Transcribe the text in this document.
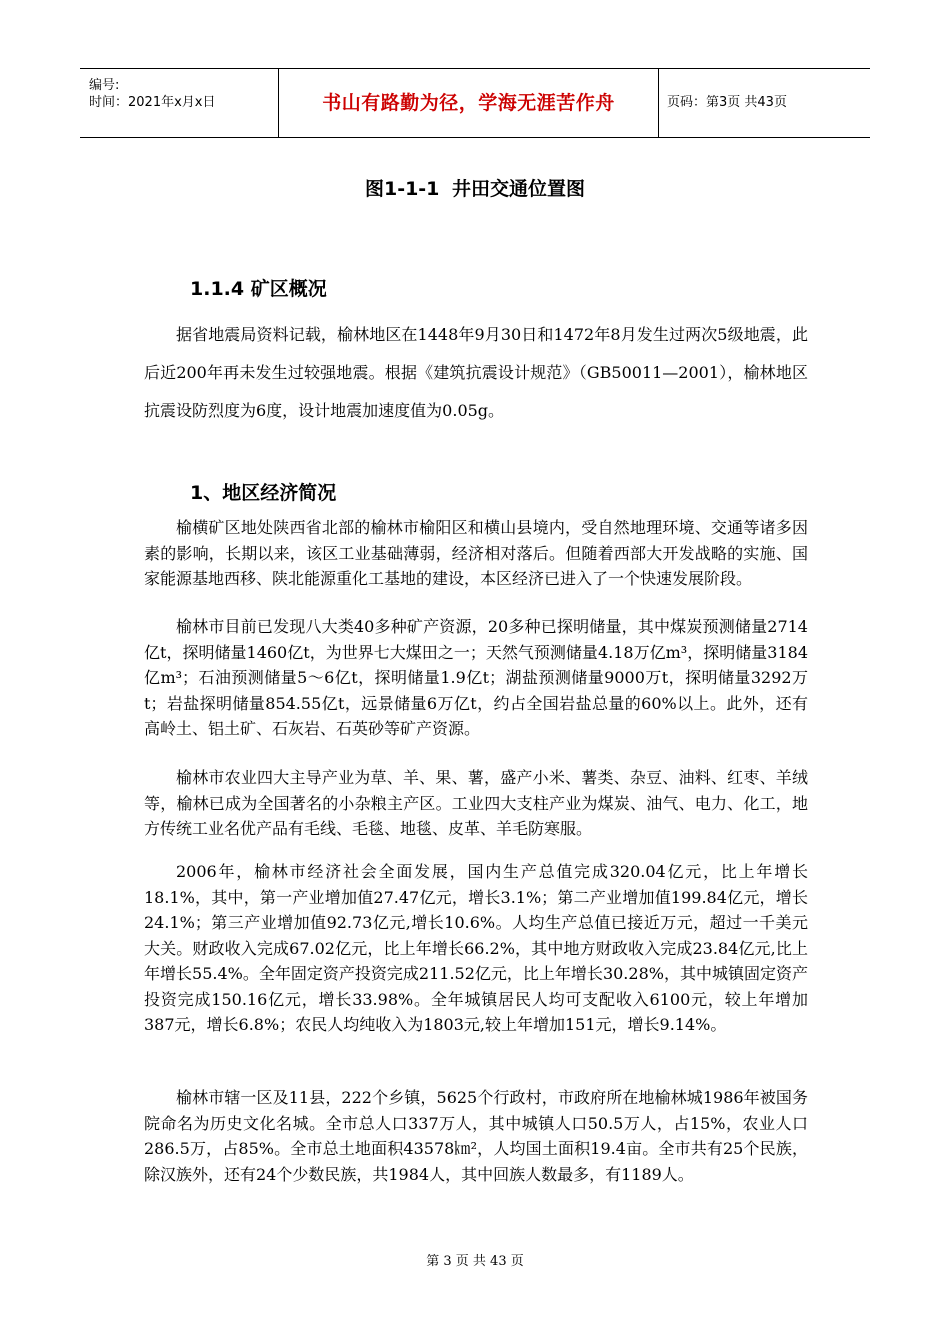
编号:
时间：2021年x月x日	书山有路勤为径，学海无涯苦作舟	页码：第3页 共43页
图1-1-1 井田交通位置图
1.1.4 矿区概况
据省地震局资料记载，榆林地区在1448年9月30日和1472年8月发生过两次5级地震，此后近200年再未发生过较强地震。根据《建筑抗震设计规范》（GB50011—2001），榆林地区抗震设防烈度为6度，设计地震加速度值为0.05g。
1、地区经济简况
榆横矿区地处陕西省北部的榆林市榆阳区和横山县境内，受自然地理环境、交通等诸多因素的影响，长期以来，该区工业基础薄弱，经济相对落后。但随着西部大开发战略的实施、国家能源基地西移、陕北能源重化工基地的建设，本区经济已进入了一个快速发展阶段。
榆林市目前已发现八大类40多种矿产资源，20多种已探明储量，其中煤炭预测储量2714亿t，探明储量1460亿t，为世界七大煤田之一；天然气预测储量4.18万亿m³，探明储量3184亿m³；石油预测储量5～6亿t，探明储量1.9亿t；湖盐预测储量9000万t，探明储量3292万t；岩盐探明储量854.55亿t，远景储量6万亿t，约占全国岩盐总量的60%以上。此外，还有高岭土、铝土矿、石灰岩、石英砂等矿产资源。
榆林市农业四大主导产业为草、羊、果、薯，盛产小米、薯类、杂豆、油料、红枣、羊绒等，榆林已成为全国著名的小杂粮主产区。工业四大支柱产业为煤炭、油气、电力、化工，地方传统工业名优产品有毛线、毛毯、地毯、皮革、羊毛防寒服。
2006年，榆林市经济社会全面发展，国内生产总值完成320.04亿元，比上年增长18.1%，其中，第一产业增加值27.47亿元，增长3.1%；第二产业增加值199.84亿元，增长24.1%；第三产业增加值92.73亿元,增长10.6%。人均生产总值已接近万元，超过一千美元大关。财政收入完成67.02亿元，比上年增长66.2%，其中地方财政收入完成23.84亿元,比上年增长55.4%。全年固定资产投资完成211.52亿元，比上年增长30.28%，其中城镇固定资产投资完成150.16亿元，增长33.98%。全年城镇居民人均可支配收入6100元，较上年增加387元，增长6.8%；农民人均纯收入为1803元,较上年增加151元，增长9.14%。
榆林市辖一区及11县，222个乡镇，5625个行政村，市政府所在地榆林城1986年被国务院命名为历史文化名城。全市总人口337万人，其中城镇人口50.5万人，占15%，农业人口286.5万，占85%。全市总土地面积43578㎞²，人均国土面积19.4亩。全市共有25个民族，除汉族外，还有24个少数民族，共1984人，其中回族人数最多，有1189人。
第 3 页 共 43 页
